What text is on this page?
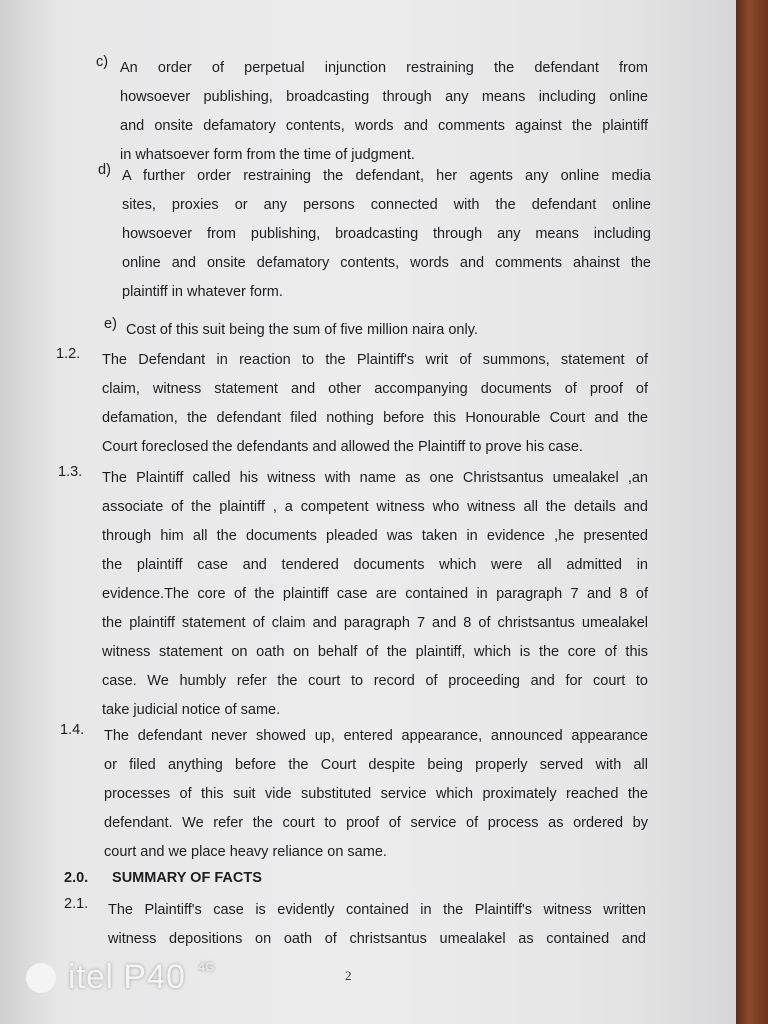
c) An order of perpetual injunction restraining the defendant from
howsoever publishing, broadcasting through any means including online
and onsite defamatory contents, words and comments against the plaintiff
in whatsoever form from the time of judgment.
d) A further order restraining the defendant, her agents any online media
sites, proxies or any persons connected with the defendant online
howsoever from publishing, broadcasting through any means including
online and onsite defamatory contents, words and comments ahainst the
plaintiff in whatever form.
e) Cost of this suit being the sum of five million naira only.
1.2. The Defendant in reaction to the Plaintiff's writ of summons, statement of
claim, witness statement and other accompanying documents of proof of
defamation, the defendant filed nothing before this Honourable Court and the
Court foreclosed the defendants and allowed the Plaintiff to prove his case.
1.3. The Plaintiff called his witness with name as one Christsantus umealakel ,an
associate of the plaintiff , a competent witness who witness all the details and
through him all the documents pleaded was taken in evidence ,he presented
the plaintiff case and tendered documents which were all admitted in
evidence.The core of the plaintiff case are contained in paragraph 7 and 8 of
the plaintiff statement of claim and paragraph 7 and 8 of christsantus umealakel
witness statement on oath on behalf of the plaintiff, which is the core of this
case. We humbly refer the court to record of proceeding and for court to
take judicial notice of same.
1.4. The defendant never showed up, entered appearance, announced appearance
or filed anything before the Court despite being properly served with all
processes of this suit vide substituted service which proximately reached the
defendant. We refer the court to proof of service of process as ordered by
court and we place heavy reliance on same.
2.0. SUMMARY OF FACTS
2.1. The Plaintiff's case is evidently contained in the Plaintiff's witness written
witness depositions on oath of christsantus umealakel as contained and
itel P40	4G
2
